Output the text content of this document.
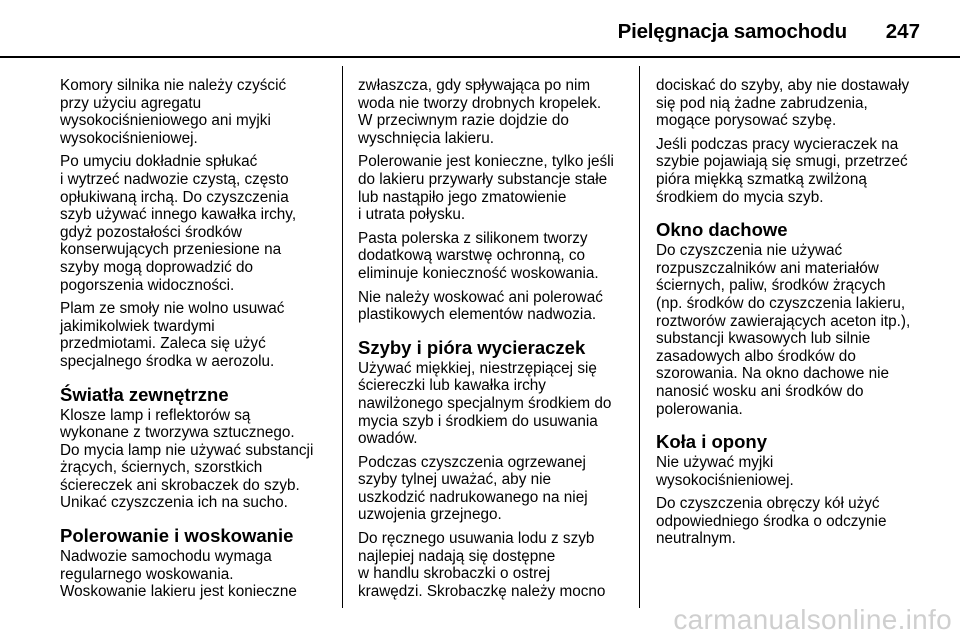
Pielęgnacja samochodu 247

Komory silnika nie należy czyścić
przy użyciu agregatu
wysokociśnieniowego ani myjki
wysokociśnieniowej.

Po umyciu dokładnie spłukać
i wytrzeć nadwozie czystą, często
opłukiwaną irchą. Do czyszczenia
szyb używać innego kawałka irchy,
gdyż pozostałości środków
konserwujących przeniesione na
szyby mogą doprowadzić do
pogorszenia widoczności.

Plam ze smoły nie wolno usuwać
jakimikolwiek twardymi
przedmiotami. Zaleca się użyć
specjalnego środka w aerozolu.

Światła zewnętrzne

Klosze lamp i reflektorów są
wykonane z tworzywa sztucznego.
Do mycia lamp nie używać substancji
żrących, ściernych, szorstkich
ściereczek ani skrobaczek do szyb.
Unikać czyszczenia ich na sucho.

Polerowanie i woskowanie

Nadwozie samochodu wymaga
regularnego woskowania.
Woskowanie lakieru jest konieczne

zwłaszcza, gdy spływająca po nim
woda nie tworzy drobnych kropelek.
W przeciwnym razie dojdzie do
wyschnięcia lakieru.

Polerowanie jest konieczne, tylko jeśli
do lakieru przywarły substancje stałe
lub nastąpiło jego zmatowienie
i utrata połysku.

Pasta polerska z silikonem tworzy
dodatkową warstwę ochronną, co
eliminuje konieczność woskowania.

Nie należy woskować ani polerować
plastikowych elementów nadwozia.

Szyby i pióra wycieraczek

Używać miękkiej, niestrzępiącej się
ściereczki lub kawałka irchy
nawilżonego specjalnym środkiem do
mycia szyb i środkiem do usuwania
owadów.

Podczas czyszczenia ogrzewanej
szyby tylnej uważać, aby nie
uszkodzić nadrukowanego na niej
uzwojenia grzejnego.

Do ręcznego usuwania lodu z szyb
najlepiej nadają się dostępne
w handlu skrobaczki o ostrej
krawędzi. Skrobaczkę należy mocno

dociskać do szyby, aby nie dostawały
się pod nią żadne zabrudzenia,
mogące porysować szybę.

Jeśli podczas pracy wycieraczek na
szybie pojawiają się smugi, przetrzeć
pióra miękką szmatką zwilżoną
środkiem do mycia szyb.

Okno dachowe

Do czyszczenia nie używać
rozpuszczalników ani materiałów
ściernych, paliw, środków żrących
(np. środków do czyszczenia lakieru,
roztworów zawierających aceton itp.),
substancji kwasowych lub silnie
zasadowych albo środków do
szorowania. Na okno dachowe nie
nanosić wosku ani środków do
polerowania.

Koła i opony

Nie używać myjki
wysokociśnieniowej.

Do czyszczenia obręczy kół użyć
odpowiedniego środka o odczynie
neutralnym.

carmanualsonline.info
